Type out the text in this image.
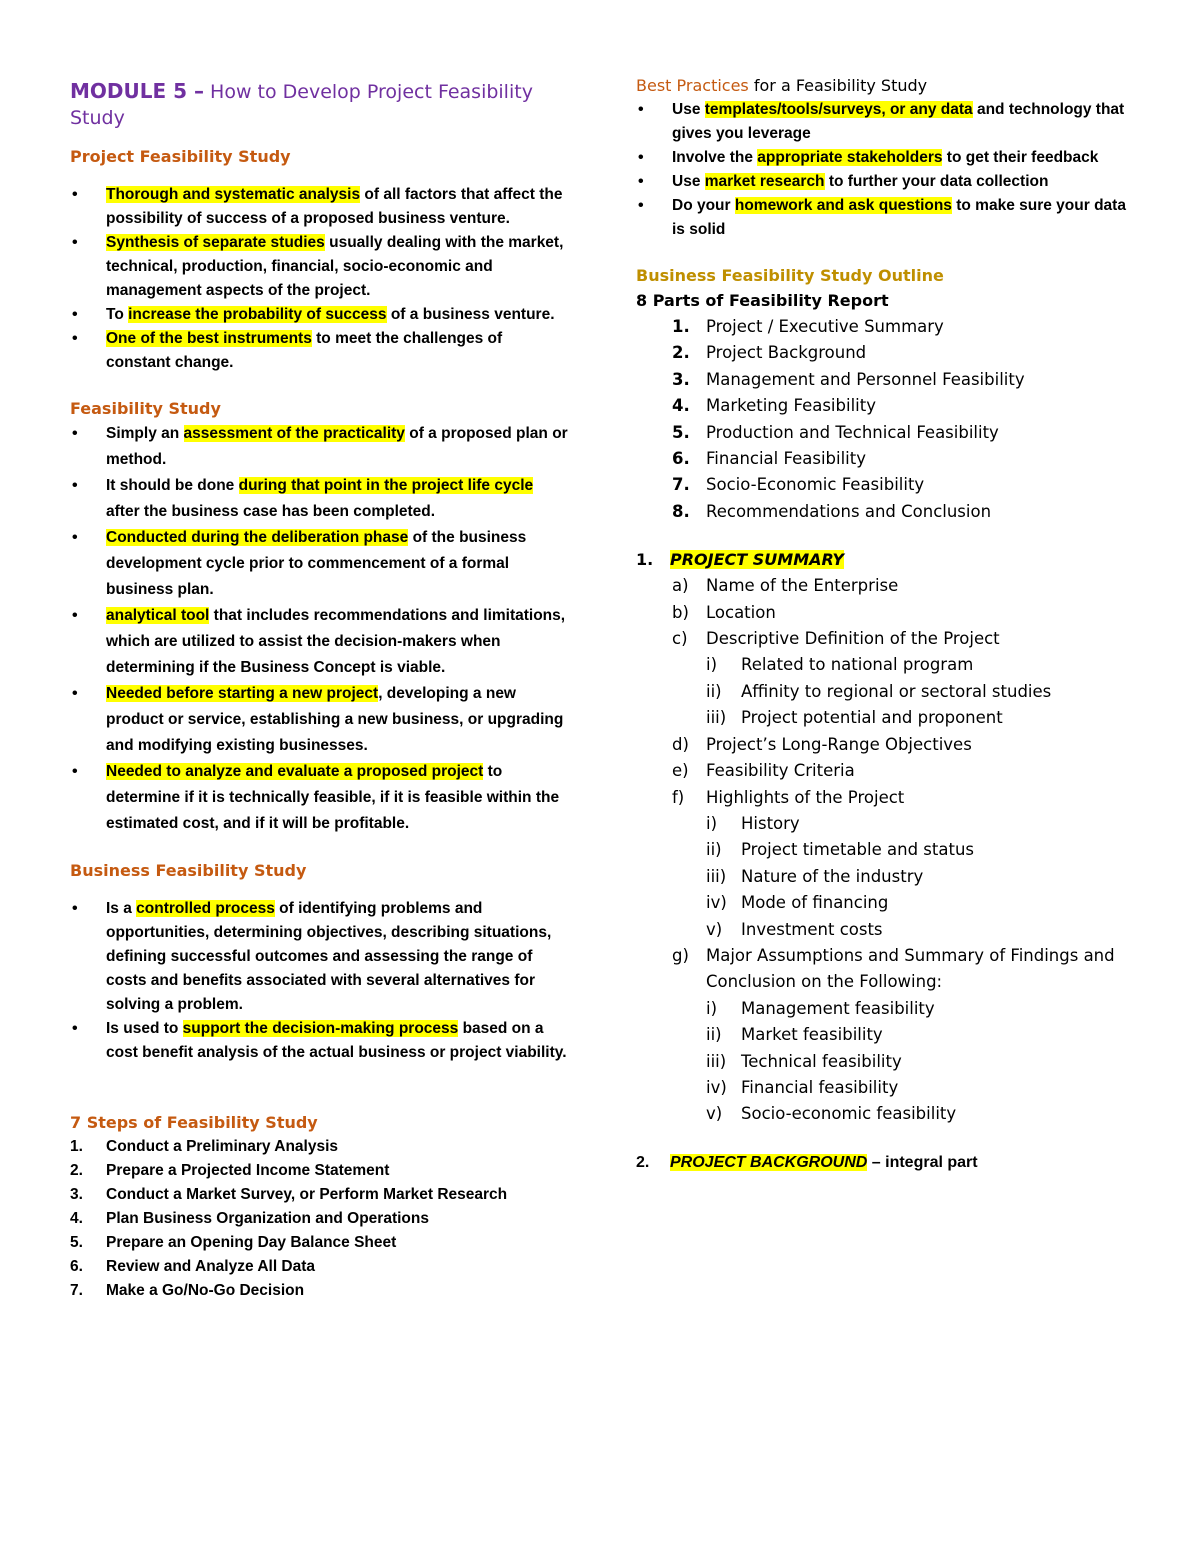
MODULE 5 – How to Develop Project Feasibility Study
Project Feasibility Study
• Thorough and systematic analysis of all factors that affect the possibility of success of a proposed business venture.
• Synthesis of separate studies usually dealing with the market, technical, production, financial, socio-economic and management aspects of the project.
• To increase the probability of success of a business venture.
• One of the best instruments to meet the challenges of constant change.
Feasibility Study
• Simply an assessment of the practicality of a proposed plan or method.
• It should be done during that point in the project life cycle after the business case has been completed.
• Conducted during the deliberation phase of the business development cycle prior to commencement of a formal business plan.
• analytical tool that includes recommendations and limitations, which are utilized to assist the decision-makers when determining if the Business Concept is viable.
• Needed before starting a new project, developing a new product or service, establishing a new business, or upgrading and modifying existing businesses.
• Needed to analyze and evaluate a proposed project to determine if it is technically feasible, if it is feasible within the estimated cost, and if it will be profitable.
Business Feasibility Study
• Is a controlled process of identifying problems and opportunities, determining objectives, describing situations, defining successful outcomes and assessing the range of costs and benefits associated with several alternatives for solving a problem.
• Is used to support the decision-making process based on a cost benefit analysis of the actual business or project viability.
7 Steps of Feasibility Study
1. Conduct a Preliminary Analysis
2. Prepare a Projected Income Statement
3. Conduct a Market Survey, or Perform Market Research
4. Plan Business Organization and Operations
5. Prepare an Opening Day Balance Sheet
6. Review and Analyze All Data
7. Make a Go/No-Go Decision
Best Practices for a Feasibility Study
• Use templates/tools/surveys, or any data and technology that gives you leverage
• Involve the appropriate stakeholders to get their feedback
• Use market research to further your data collection
• Do your homework and ask questions to make sure your data is solid
Business Feasibility Study Outline
8 Parts of Feasibility Report
1. Project / Executive Summary
2. Project Background
3. Management and Personnel Feasibility
4. Marketing Feasibility
5. Production and Technical Feasibility
6. Financial Feasibility
7. Socio-Economic Feasibility
8. Recommendations and Conclusion
1. PROJECT SUMMARY
a) Name of the Enterprise
b) Location
c) Descriptive Definition of the Project
i) Related to national program
ii) Affinity to regional or sectoral studies
iii) Project potential and proponent
d) Project’s Long-Range Objectives
e) Feasibility Criteria
f) Highlights of the Project
i) History
ii) Project timetable and status
iii) Nature of the industry
iv) Mode of financing
v) Investment costs
g) Major Assumptions and Summary of Findings and Conclusion on the Following:
i) Management feasibility
ii) Market feasibility
iii) Technical feasibility
iv) Financial feasibility
v) Socio-economic feasibility
2. PROJECT BACKGROUND – integral part
